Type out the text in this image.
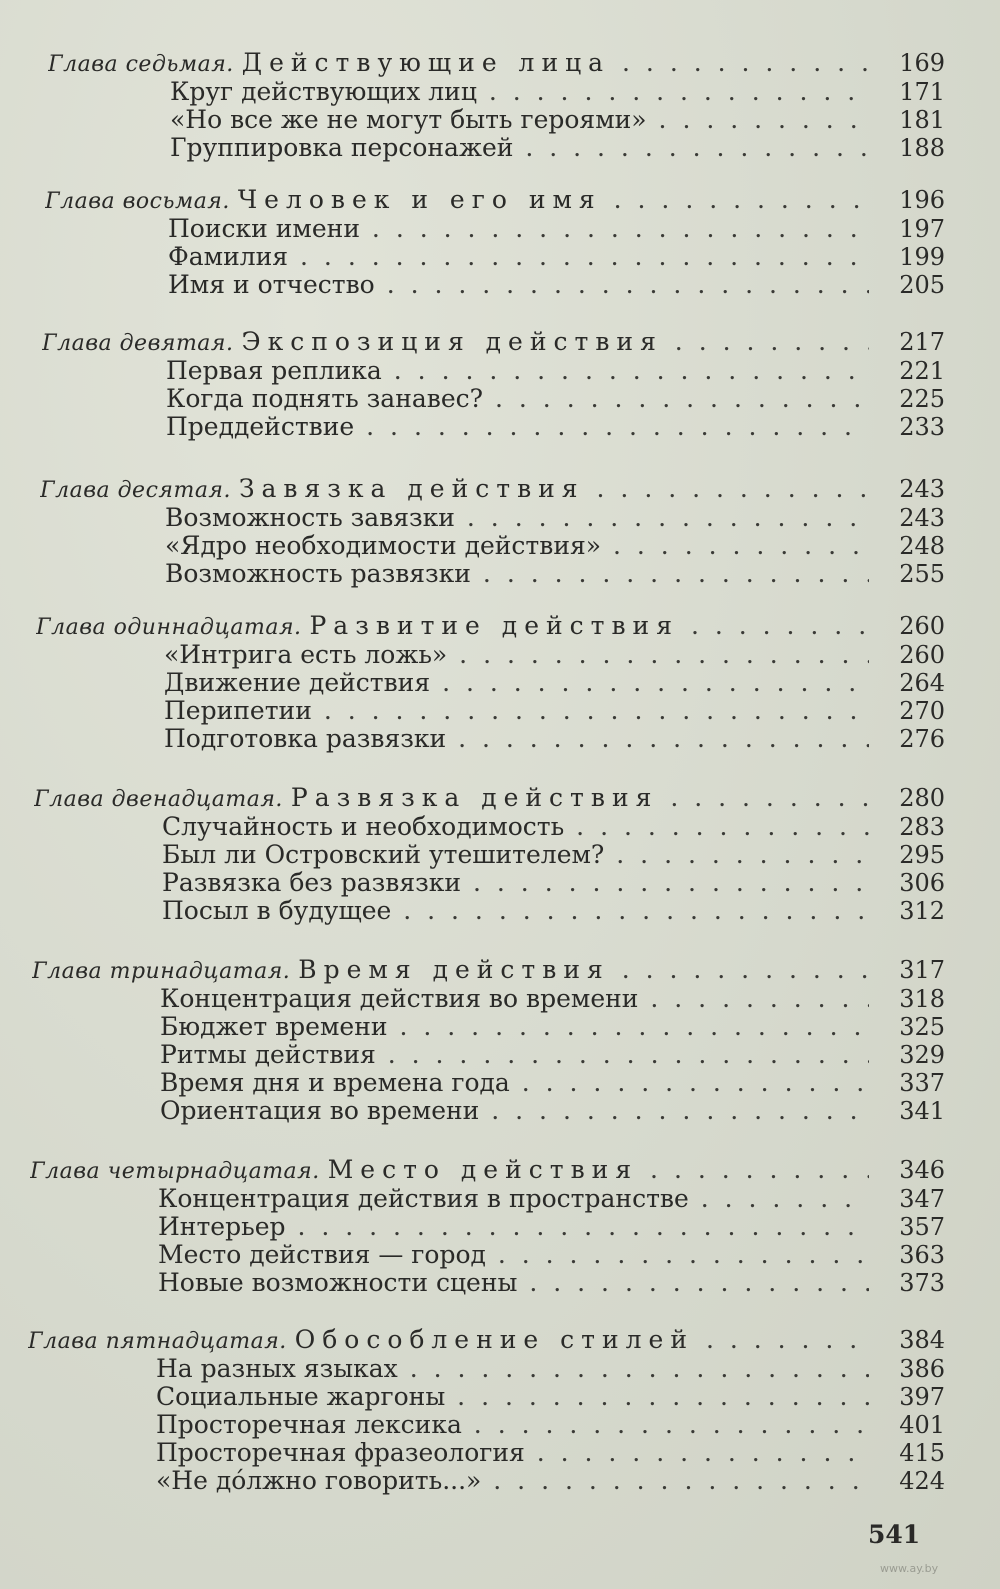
Глава седьмая. Действующие лица . . .	169
Круг действующих лиц . . .	171
«Но все же не могут быть героями» . . .	181
Группировка персонажей . . .	188
Глава восьмая. Человек и его имя . . .	196
Поиски имени . . .	197
Фамилия . . .	199
Имя и отчество . . .	205
Глава девятая. Экспозиция действия . . .	217
Первая реплика . . .	221
Когда поднять занавес? . . .	225
Преддействие . . .	233
Глава десятая. Завязка действия . . .	243
Возможность завязки . . .	243
«Ядро необходимости действия» . . .	248
Возможность развязки . . .	255
Глава одиннадцатая. Развитие действия . . .	260
«Интрига есть ложь» . . .	260
Движение действия . . .	264
Перипетии . . .	270
Подготовка развязки . . .	276
Глава двенадцатая. Развязка действия . . .	280
Случайность и необходимость . . .	283
Был ли Островский утешителем? . . .	295
Развязка без развязки . . .	306
Посыл в будущее . . .	312
Глава тринадцатая. Время действия . . .	317
Концентрация действия во времени . . .	318
Бюджет времени . . .	325
Ритмы действия . . .	329
Время дня и времена года . . .	337
Ориентация во времени . . .	341
Глава четырнадцатая. Место действия . . .	346
Концентрация действия в пространстве . . .	347
Интерьер . . .	357
Место действия — город . . .	363
Новые возможности сцены . . .	373
Глава пятнадцатая. Обособление стилей . . .	384
На разных языках . . .	386
Социальные жаргоны . . .	397
Просторечная лексика . . .	401
Просторечная фразеология . . .	415
«Не дóлжно говорить...» . . .	424
541
www.ay.by
